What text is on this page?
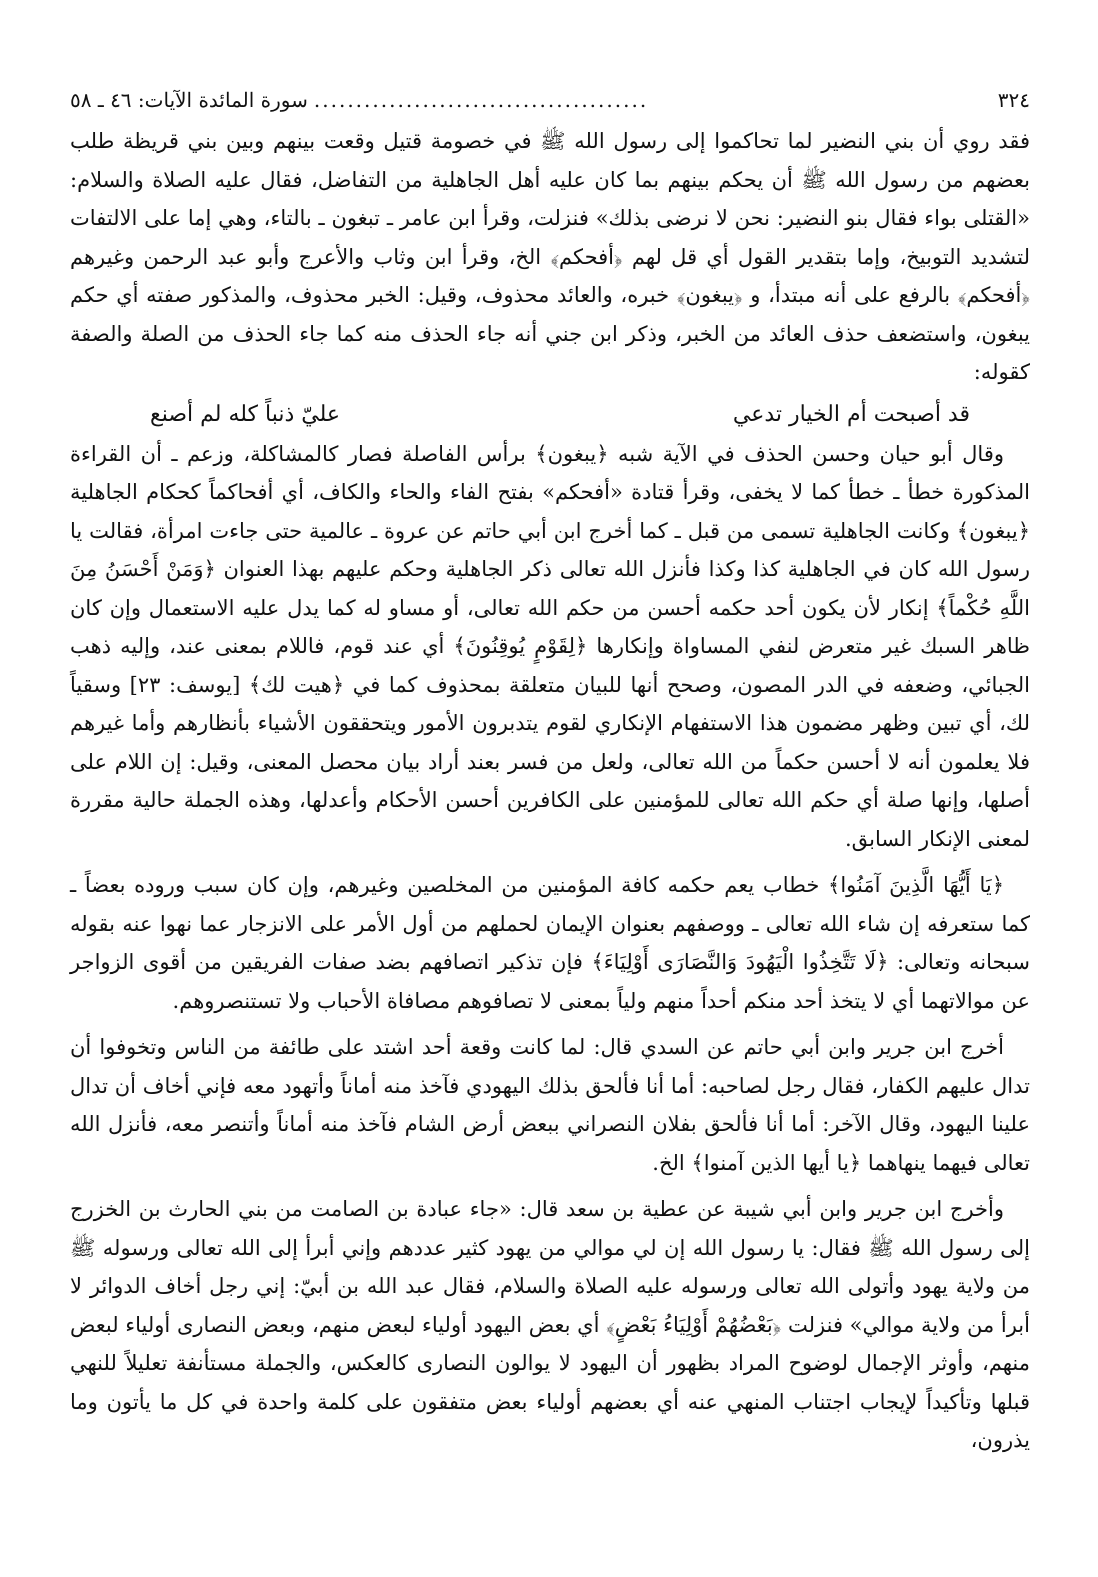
٣٢٤
........................................
سورة المائدة الآيات: ٤٦ ـ ٥٨

فقد روي أن بني النضير لما تحاكموا إلى رسول الله ﷺ في خصومة قتيل وقعت بينهم وبين بني قريظة طلب بعضهم من رسول الله ﷺ أن يحكم بينهم بما كان عليه أهل الجاهلية من التفاضل، فقال عليه الصلاة والسلام: «القتلى بواء فقال بنو النضير: نحن لا نرضى بذلك» فنزلت، وقرأ ابن عامر ـ تبغون ـ بالتاء، وهي إما على الالتفات لتشديد التوبيخ، وإما بتقدير القول أي قل لهم ﴿أفحكم﴾ الخ، وقرأ ابن وثاب والأعرج وأبو عبد الرحمن وغيرهم ﴿أفحكم﴾ بالرفع على أنه مبتدأ، و ﴿يبغون﴾ خبره، والعائد محذوف، وقيل: الخبر محذوف، والمذكور صفته أي حكم يبغون، واستضعف حذف العائد من الخبر، وذكر ابن جني أنه جاء الحذف منه كما جاء الحذف من الصلة والصفة كقوله:

قد أصبحت أم الخيار تدعي
عليّ ذنباً كله لم أصنع

وقال أبو حيان وحسن الحذف في الآية شبه ﴿يبغون﴾ برأس الفاصلة فصار كالمشاكلة، وزعم ـ أن القراءة المذكورة خطأ ـ خطأ كما لا يخفى، وقرأ قتادة «أفحكم» بفتح الفاء والحاء والكاف، أي أفحاكماً كحكام الجاهلية ﴿يبغون﴾ وكانت الجاهلية تسمى من قبل ـ كما أخرج ابن أبي حاتم عن عروة ـ عالمية حتى جاءت امرأة، فقالت يا رسول الله كان في الجاهلية كذا وكذا فأنزل الله تعالى ذكر الجاهلية وحكم عليهم بهذا العنوان ﴿وَمَنْ أَحْسَنُ مِنَ اللَّهِ حُكْماً﴾ إنكار لأن يكون أحد حكمه أحسن من حكم الله تعالى، أو مساو له كما يدل عليه الاستعمال وإن كان ظاهر السبك غير متعرض لنفي المساواة وإنكارها ﴿لِقَوْمٍ يُوقِنُونَ﴾ أي عند قوم، فاللام بمعنى عند، وإليه ذهب الجبائي، وضعفه في الدر المصون، وصحح أنها للبيان متعلقة بمحذوف كما في ﴿هيت لك﴾ [يوسف: ٢٣] وسقياً لك، أي تبين وظهر مضمون هذا الاستفهام الإنكاري لقوم يتدبرون الأمور ويتحققون الأشياء بأنظارهم وأما غيرهم فلا يعلمون أنه لا أحسن حكماً من الله تعالى، ولعل من فسر بعند أراد بيان محصل المعنى، وقيل: إن اللام على أصلها، وإنها صلة أي حكم الله تعالى للمؤمنين على الكافرين أحسن الأحكام وأعدلها، وهذه الجملة حالية مقررة لمعنى الإنكار السابق.

﴿يَا أَيُّهَا الَّذِينَ آمَنُوا﴾ خطاب يعم حكمه كافة المؤمنين من المخلصين وغيرهم، وإن كان سبب وروده بعضاً ـ كما ستعرفه إن شاء الله تعالى ـ ووصفهم بعنوان الإيمان لحملهم من أول الأمر على الانزجار عما نهوا عنه بقوله سبحانه وتعالى: ﴿لَا تَتَّخِذُوا الْيَهُودَ وَالنَّصَارَى أَوْلِيَاءَ﴾ فإن تذكير اتصافهم بضد صفات الفريقين من أقوى الزواجر عن موالاتهما أي لا يتخذ أحد منكم أحداً منهم ولياً بمعنى لا تصافوهم مصافاة الأحباب ولا تستنصروهم.

أخرج ابن جرير وابن أبي حاتم عن السدي قال: لما كانت وقعة أحد اشتد على طائفة من الناس وتخوفوا أن تدال عليهم الكفار، فقال رجل لصاحبه: أما أنا فألحق بذلك اليهودي فآخذ منه أماناً وأتهود معه فإني أخاف أن تدال علينا اليهود، وقال الآخر: أما أنا فألحق بفلان النصراني ببعض أرض الشام فآخذ منه أماناً وأتنصر معه، فأنزل الله تعالى فيهما ينهاهما ﴿يا أيها الذين آمنوا﴾ الخ.

وأخرج ابن جرير وابن أبي شيبة عن عطية بن سعد قال: «جاء عبادة بن الصامت من بني الحارث بن الخزرج إلى رسول الله ﷺ فقال: يا رسول الله إن لي موالي من يهود كثير عددهم وإني أبرأ إلى الله تعالى ورسوله ﷺ من ولاية يهود وأتولى الله تعالى ورسوله عليه الصلاة والسلام، فقال عبد الله بن أبيّ: إني رجل أخاف الدوائر لا أبرأ من ولاية موالي» فنزلت ﴿بَعْضُهُمْ أَوْلِيَاءُ بَعْضٍ﴾ أي بعض اليهود أولياء لبعض منهم، وبعض النصارى أولياء لبعض منهم، وأوثر الإجمال لوضوح المراد بظهور أن اليهود لا يوالون النصارى كالعكس، والجملة مستأنفة تعليلاً للنهي قبلها وتأكيداً لإيجاب اجتناب المنهي عنه أي بعضهم أولياء بعض متفقون على كلمة واحدة في كل ما يأتون وما يذرون،
